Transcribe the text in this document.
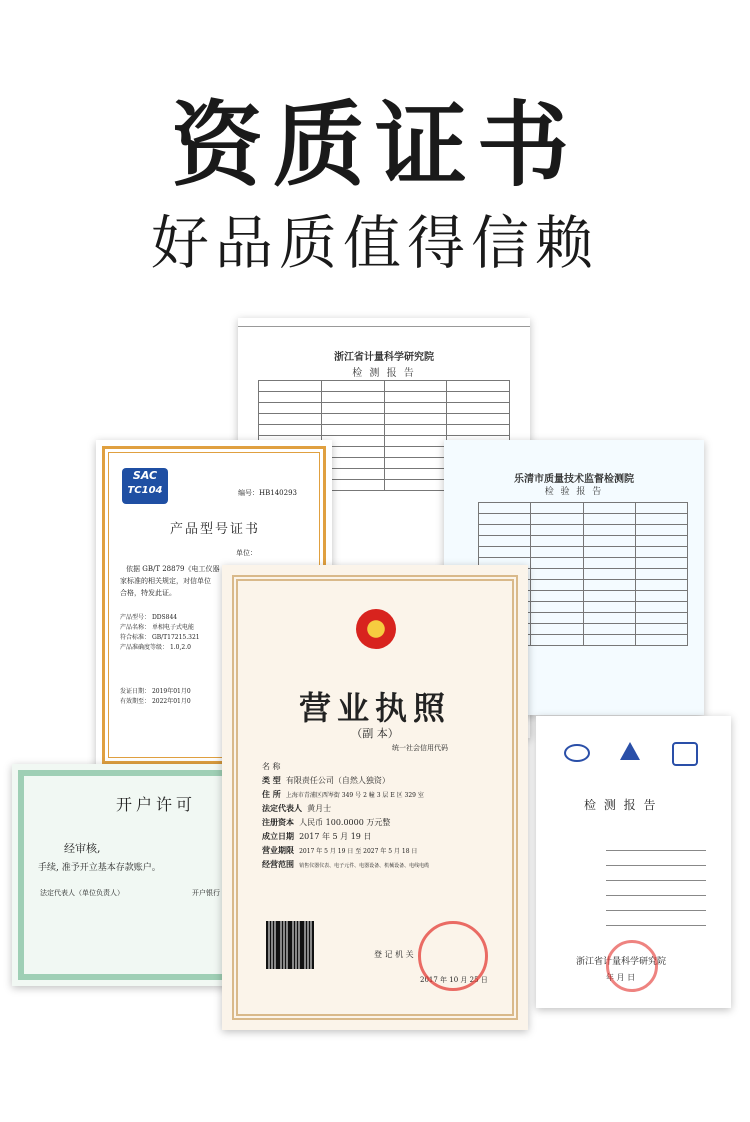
资质证书
好品质值得信赖
浙江省计量科学研究院
检 测 报 告

SAC
TC104	编号：HB140293
产品型号证书
单位：
依据 GB/T 28879《电工仪器
家标准的相关规定，对信单位
合格，特发此证。
产品型号： DDS844
产品名称： 单相电子式电能
符合标准： GB/T17215.321
产品准确度等级： 1.0,2.0
发证日期： 2019年01月0
有效期至： 2022年01月0
乐清市质量技术监督检测院
检 验 报 告

开户许可
经审核,
手续, 准予开立基本存款账户。
法定代表人（单位负责人）	开户银行
检 测 报 告
浙江省计量科学研究院
年 月 日
营业执照
（副 本）
统一社会信用代码
名 称
类 型 有限责任公司（自然人独资）
住 所 上海市青浦区西岑街 349 号 2 幢 3 层 E 区 329 室
法定代表人 黄月士
注册资本 人民币 100.0000 万元整
成立日期 2017 年 5 月 19 日
营业期限 2017 年 5 月 19 日 至 2027 年 5 月 18 日
经营范围 销售仪器仪表、电子元件、电器设备、机械设备、电线电缆
登 记 机 关
2017 年 10 月 25 日
